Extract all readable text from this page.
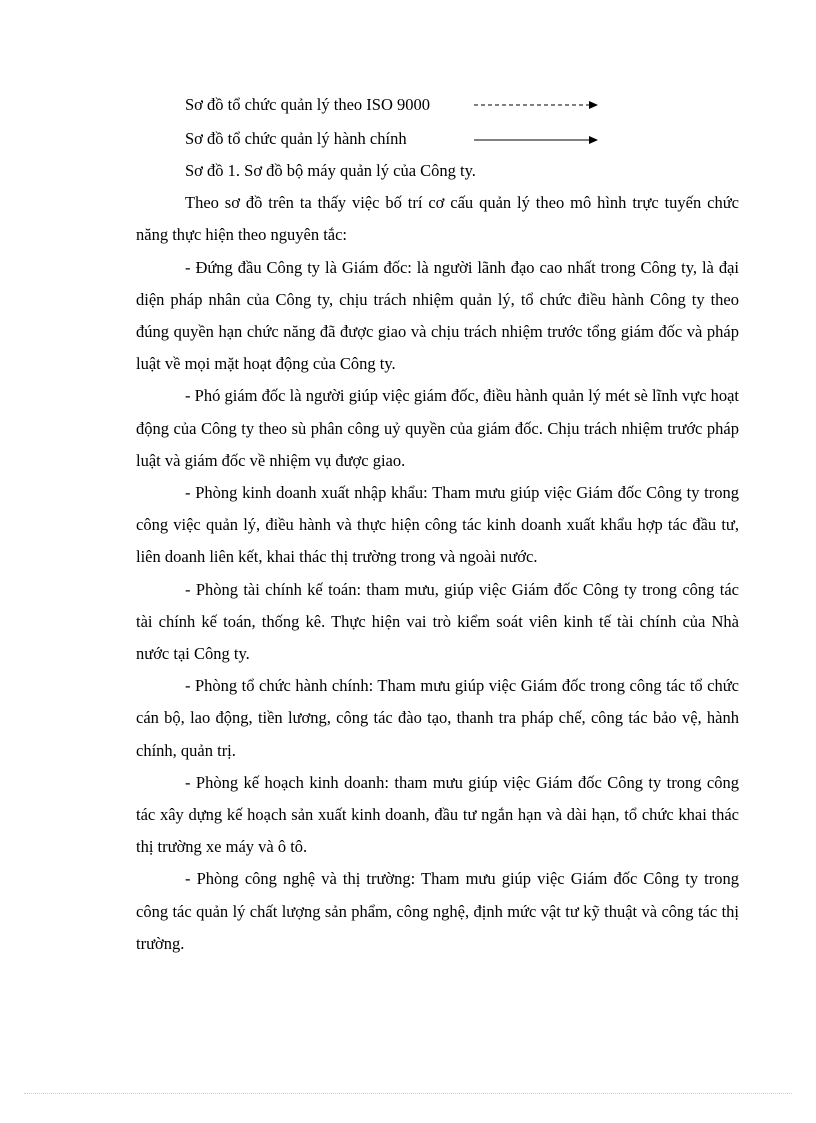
Sơ đồ tổ chức quản lý theo ISO 9000
Sơ đồ tổ chức quản lý hành chính

Sơ đồ 1. Sơ đồ bộ máy quản lý của Công ty.

Theo sơ đồ trên ta thấy việc bố trí cơ cấu quản lý theo mô hình trực tuyến chức năng thực hiện theo nguyên tắc:

- Đứng đầu Công ty là Giám đốc: là người lãnh đạo cao nhất trong Công ty, là đại diện pháp nhân của Công ty, chịu trách nhiệm quản lý, tổ chức điều hành Công ty theo đúng quyền hạn chức năng đã được giao và chịu trách nhiệm trước tổng giám đốc và pháp luật về mọi mặt hoạt động của Công ty.

- Phó giám đốc là người giúp việc giám đốc, điều hành quản lý mét sè lĩnh vực hoạt động của Công ty theo sù phân công uỷ quyền của giám đốc. Chịu trách nhiệm trước pháp luật và giám đốc về nhiệm vụ được giao.

- Phòng kinh doanh xuất nhập khẩu: Tham mưu giúp việc Giám đốc Công ty trong công việc quản lý, điều hành và thực hiện công tác kinh doanh xuất khẩu hợp tác đầu tư, liên doanh liên kết, khai thác thị trường trong và ngoài nước.

- Phòng tài chính kế toán: tham mưu, giúp việc Giám đốc Công ty trong công tác tài chính kế toán, thống kê. Thực hiện vai trò kiểm soát viên kinh tế tài chính của Nhà nước tại Công ty.

- Phòng tổ chức hành chính: Tham mưu giúp việc Giám đốc trong công tác tổ chức cán bộ, lao động, tiền lương, công tác đào tạo, thanh tra pháp chế, công tác bảo vệ, hành chính, quản trị.

- Phòng kế hoạch kinh doanh: tham mưu giúp việc Giám đốc Công ty trong công tác xây dựng kế hoạch sản xuất kinh doanh, đầu tư ngắn hạn và dài hạn, tổ chức khai thác thị trường xe máy và ô tô.

- Phòng công nghệ và thị trường: Tham mưu giúp việc Giám đốc Công ty trong công tác quản lý chất lượng sản phẩm, công nghệ, định mức vật tư kỹ thuật và công tác thị trường.
